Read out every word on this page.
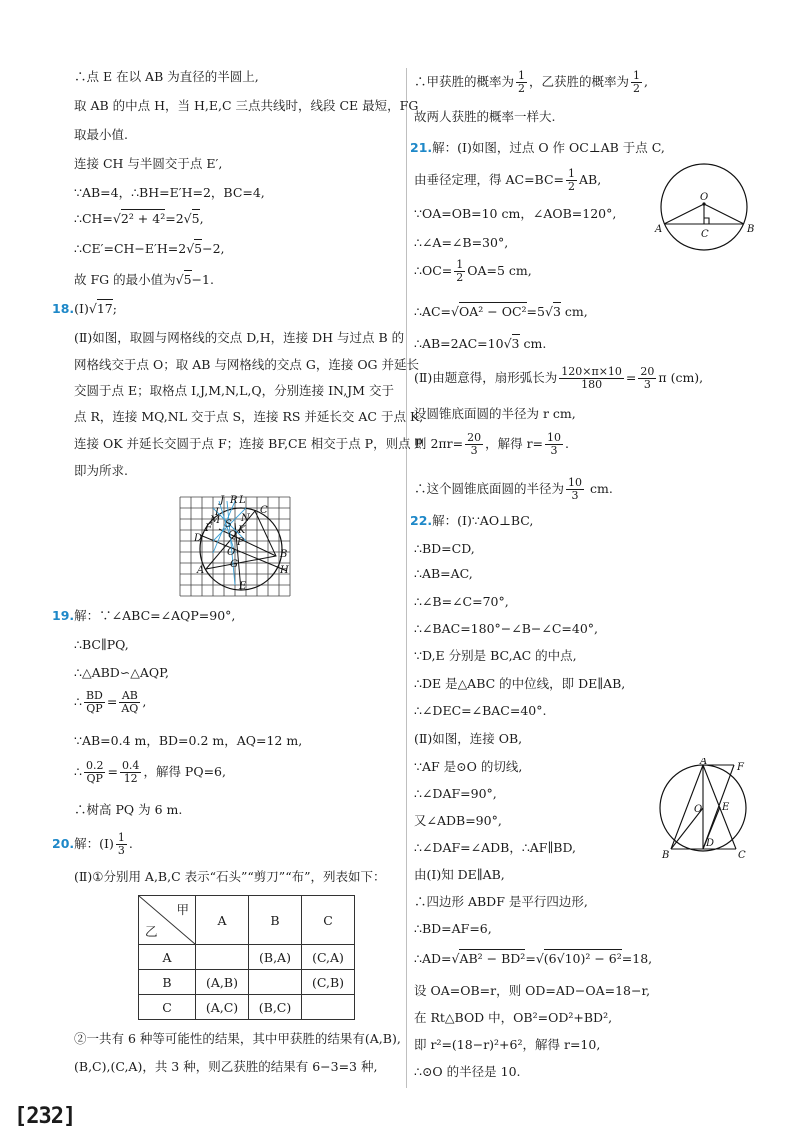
∴点 E 在以 AB 为直径的半圆上,
取 AB 的中点 H，当 H,E,C 三点共线时，线段 CE 最短，FG
取最小值.
连接 CH 与半圆交于点 E′,
∵AB=4，∴BH=E′H=2，BC=4,
∴CH=√2² + 4²=2√5,
∴CE′=CH−E′H=2√5−2,
故 FG 的最小值为√5−1.
18.(Ⅰ)√17;
(Ⅱ)如图，取圆与网格线的交点 D,H，连接 DH 与过点 B 的
网格线交于点 O；取 AB 与网格线的交点 G，连接 OG 并延长
交圆于点 E；取格点 I,J,M,N,L,Q，分别连接 IN,JM 交于
点 R，连接 MQ,NL 交于点 S，连接 RS 并延长交 AC 于点 K,
连接 OK 并延长交圆于点 F；连接 BF,CE 相交于点 P，则点 P
即为所求.
J R L
I
M
C
F
N
S
K
D	P
O	B
A
G
H
E
Q
19.解：∵∠ABC=∠AQP=90°,
∴BC∥PQ,
∴△ABD∽△AQP,
∴ $\frac{BD}{QP} = \frac{AB}{AQ}$ ,
∵AB=0.4 m，BD=0.2 m，AQ=12 m,
∴ $\frac{0.2}{QP} = \frac{0.4}{12}$ ，解得 PQ=6,
∴树高 PQ 为 6 m.
20.解：(Ⅰ) $\frac{1}{3}$ .
(Ⅱ)①分别用 A,B,C 表示“石头”“剪刀”“布”，列表如下：
甲
乙	A	B	C
A		(B,A)	(C,A)
B	(A,B)		(C,B)
C	(A,C)	(B,C)	
②一共有 6 种等可能性的结果，其中甲获胜的结果有(A,B),
(B,C),(C,A)，共 3 种，则乙获胜的结果有 6−3=3 种,
∴甲获胜的概率为 $\frac{1}{2}$ ，乙获胜的概率为 $\frac{1}{2}$ ,
故两人获胜的概率一样大.
21.解：(Ⅰ)如图，过点 O 作 OC⊥AB 于点 C,
由垂径定理，得 $AC=BC= \frac{1}{2}$ AB,
∵OA=OB=10 cm，∠AOB=120°,
∴∠A=∠B=30°,
∴OC= $\frac{1}{2} OA=5$ cm,
∴AC=√OA² − OC²=5√3 cm,
∴AB=2AC=10√3 cm.
(Ⅱ)由题意得，扇形弧长为 $\frac{120\times\pi\times 10}{180} = \frac{20}{3}$ π (cm),
设圆锥底面圆的半径为 r cm,
则 $2\pi r= \frac{20}{3}$ ，解得 $r= \frac{10}{3}$ .
∴这个圆锥底面圆的半径为 $\frac{10}{3}$ cm.
O
A	B
C
22.解：(Ⅰ)∵AO⊥BC,
∴BD=CD,
∴AB=AC,
∴∠B=∠C=70°,
∴∠BAC=180°−∠B−∠C=40°,
∵D,E 分别是 BC,AC 的中点,
∴DE 是△ABC 的中位线，即 DE∥AB,
∴∠DEC=∠BAC=40°.
(Ⅱ)如图，连接 OB,
∵AF 是⊙O 的切线,
∴∠DAF=90°,
又∠ADB=90°,
∴∠DAF=∠ADB，∴AF∥BD,
由(Ⅰ)知 DE∥AB,
∴四边形 ABDF 是平行四边形,
∴BD=AF=6,
∴AD=√AB² − BD²=√(6√10)² − 6²=18,
设 OA=OB=r，则 OD=AD−OA=18−r,
在 Rt△BOD 中，OB²=OD²+BD²,
即 r²=(18−r)²+6²，解得 r=10,
∴⊙O 的半径是 10.
A
F
O E
D
B	C
[232]
